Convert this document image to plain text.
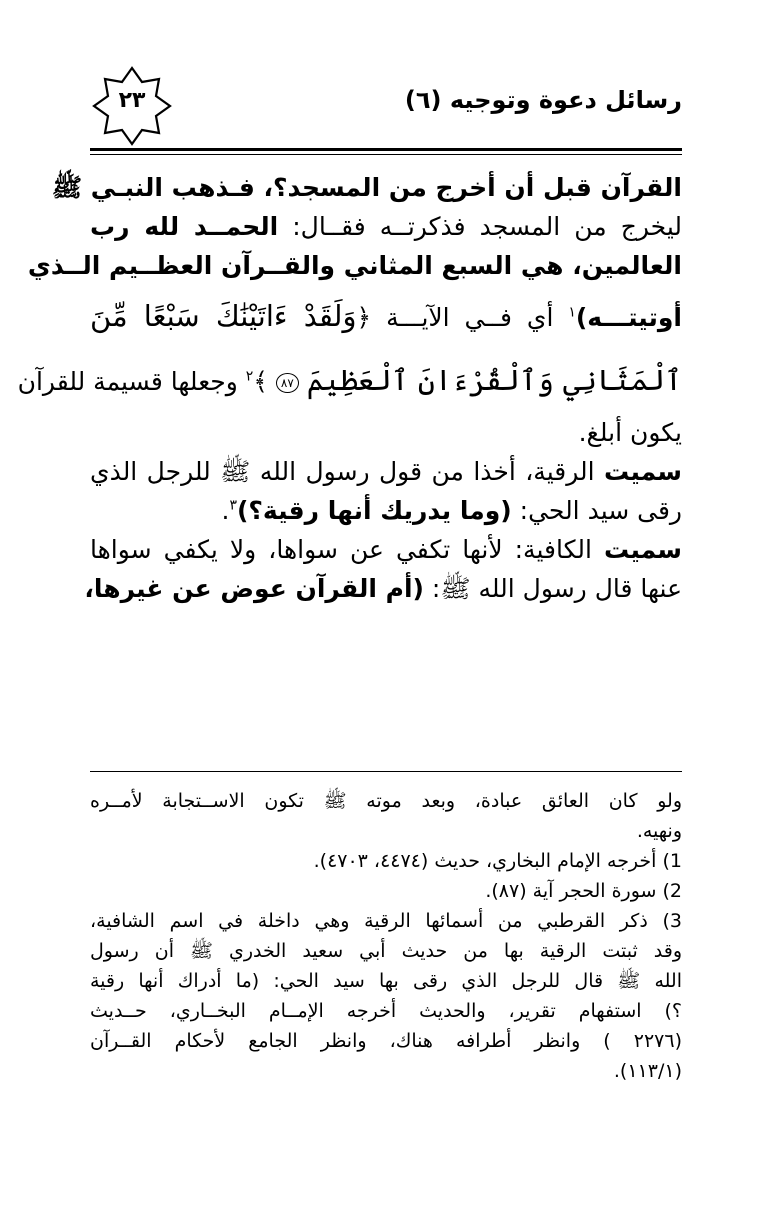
٢٣	رسائل دعوة وتوجيه (٦)
القرآن قبل أن أخرج من المسجد؟، فـذهب النبـي ﷺ
ليخرج من المسجد فذكرتــه فقــال: الحمــد لله رب
العالمين، هي السبع المثاني والقــرآن العظــيم الــذي
أوتيتـــه)$^١$ أي فــي الآيـــة ﴿وَلَقَدْ ءَاتَيْنَٰكَ سَبْعًا مِّنَ
ٱلْمَثَانِي وَٱلْقُرْءَانَ ٱلْعَظِيمَ ٨٧ ﴾$^٢$ وجعلها قسيمة للقرآن
يكون أبلغ.
سميت الرقية، أخذا من قول رسول الله ﷺ للرجل الذي
رقى سيد الحي: (وما يدريك أنها رقية؟)$^٣$.
سميت الكافية: لأنها تكفي عن سواها، ولا يكفي سواها
عنها قال رسول الله ﷺ: (أم القرآن عوض عن غيرها،
ولو كان العائق عبادة، وبعد موته ﷺ تكون الاســتجابة لأمــره
ونهيه.
1) أخرجه الإمام البخاري، حديث (٤٤٧٤، ٤٧٠٣).
2) سورة الحجر آية (٨٧).
3) ذكر القرطبي من أسمائها الرقية وهي داخلة في اسم الشافية،
وقد ثبتت الرقية بها من حديث أبي سعيد الخدري ﷺ أن رسول
الله ﷺ قال للرجل الذي رقى بها سيد الحي: (ما أدراك أنها رقية
؟) استفهام تقرير، والحديث أخرجه الإمــام البخــاري، حــديث
(٢٢٧٦ ) وانظر أطرافه هناك، وانظر الجامع لأحكام القــرآن
(١١٣/١).
